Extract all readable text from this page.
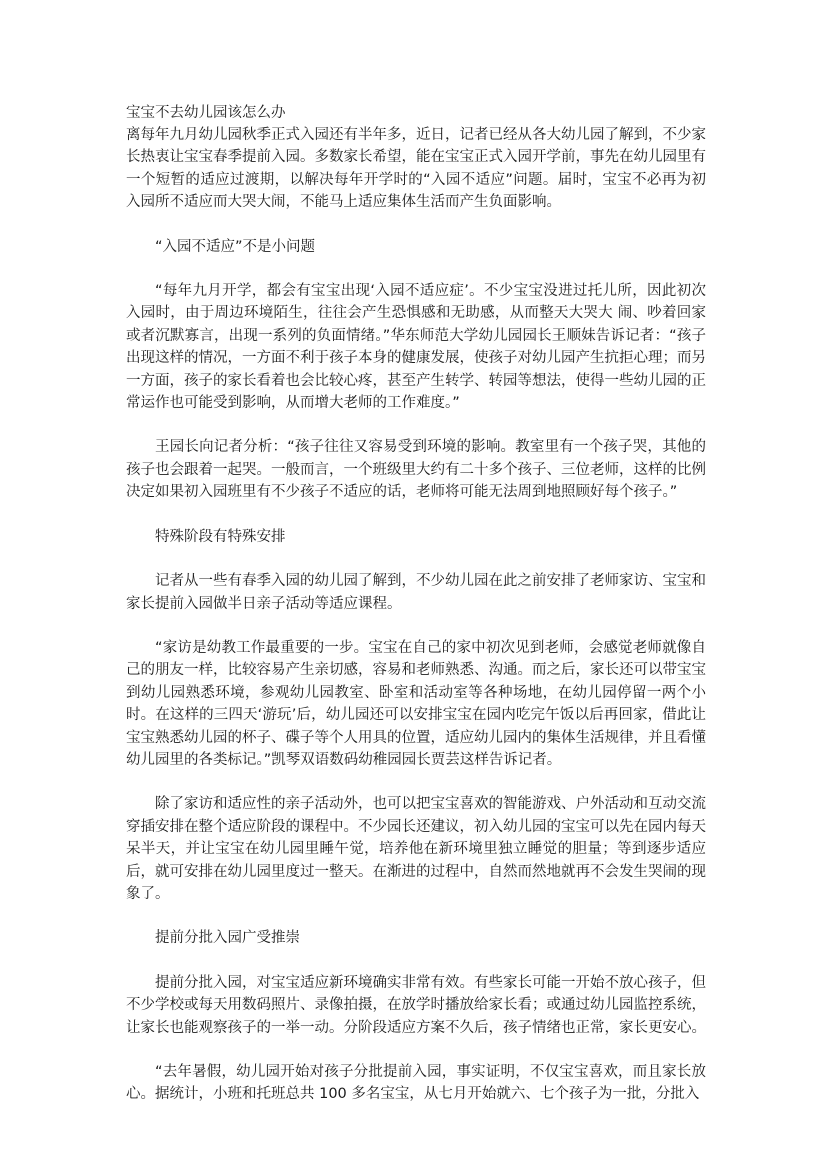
宝宝不去幼儿园该怎么办

离每年九月幼儿园秋季正式入园还有半年多，近日，记者已经从各大幼儿园了解到，不少家长热衷让宝宝春季提前入园。多数家长希望，能在宝宝正式入园开学前，事先在幼儿园里有一个短暂的适应过渡期，以解决每年开学时的“入园不适应”问题。届时，宝宝不必再为初入园所不适应而大哭大闹，不能马上适应集体生活而产生负面影响。

“入园不适应”不是小问题

“每年九月开学，都会有宝宝出现‘入园不适应症’。不少宝宝没进过托儿所，因此初次入园时，由于周边环境陌生，往往会产生恐惧感和无助感，从而整天大哭大 闹、吵着回家或者沉默寡言，出现一系列的负面情绪。”华东师范大学幼儿园园长王顺妹告诉记者：“孩子出现这样的情况，一方面不利于孩子本身的健康发展，使孩子对幼儿园产生抗拒心理；而另一方面，孩子的家长看着也会比较心疼，甚至产生转学、转园等想法，使得一些幼儿园的正常运作也可能受到影响，从而增大老师的工作难度。”

王园长向记者分析：“孩子往往又容易受到环境的影响。教室里有一个孩子哭，其他的孩子也会跟着一起哭。一般而言，一个班级里大约有二十多个孩子、三位老师，这样的比例决定如果初入园班里有不少孩子不适应的话，老师将可能无法周到地照顾好每个孩子。”

特殊阶段有特殊安排

记者从一些有春季入园的幼儿园了解到，不少幼儿园在此之前安排了老师家访、宝宝和家长提前入园做半日亲子活动等适应课程。

“家访是幼教工作最重要的一步。宝宝在自己的家中初次见到老师，会感觉老师就像自己的朋友一样，比较容易产生亲切感，容易和老师熟悉、沟通。而之后，家长还可以带宝宝到幼儿园熟悉环境，参观幼儿园教室、卧室和活动室等各种场地，在幼儿园停留一两个小时。在这样的三四天‘游玩’后，幼儿园还可以安排宝宝在园内吃完午饭以后再回家，借此让宝宝熟悉幼儿园的杯子、碟子等个人用具的位置，适应幼儿园内的集体生活规律，并且看懂幼儿园里的各类标记。”凯琴双语数码幼稚园园长贾芸这样告诉记者。

除了家访和适应性的亲子活动外，也可以把宝宝喜欢的智能游戏、户外活动和互动交流穿插安排在整个适应阶段的课程中。不少园长还建议，初入幼儿园的宝宝可以先在园内每天呆半天，并让宝宝在幼儿园里睡午觉，培养他在新环境里独立睡觉的胆量；等到逐步适应后，就可安排在幼儿园里度过一整天。在渐进的过程中，自然而然地就再不会发生哭闹的现象了。

提前分批入园广受推崇

提前分批入园，对宝宝适应新环境确实非常有效。有些家长可能一开始不放心孩子，但不少学校或每天用数码照片、录像拍摄，在放学时播放给家长看；或通过幼儿园监控系统，让家长也能观察孩子的一举一动。分阶段适应方案不久后，孩子情绪也正常，家长更安心。

“去年暑假，幼儿园开始对孩子分批提前入园，事实证明，不仅宝宝喜欢，而且家长放心。据统计，小班和托班总共 100 多名宝宝，从七月开始就六、七个孩子为一批，分批入
